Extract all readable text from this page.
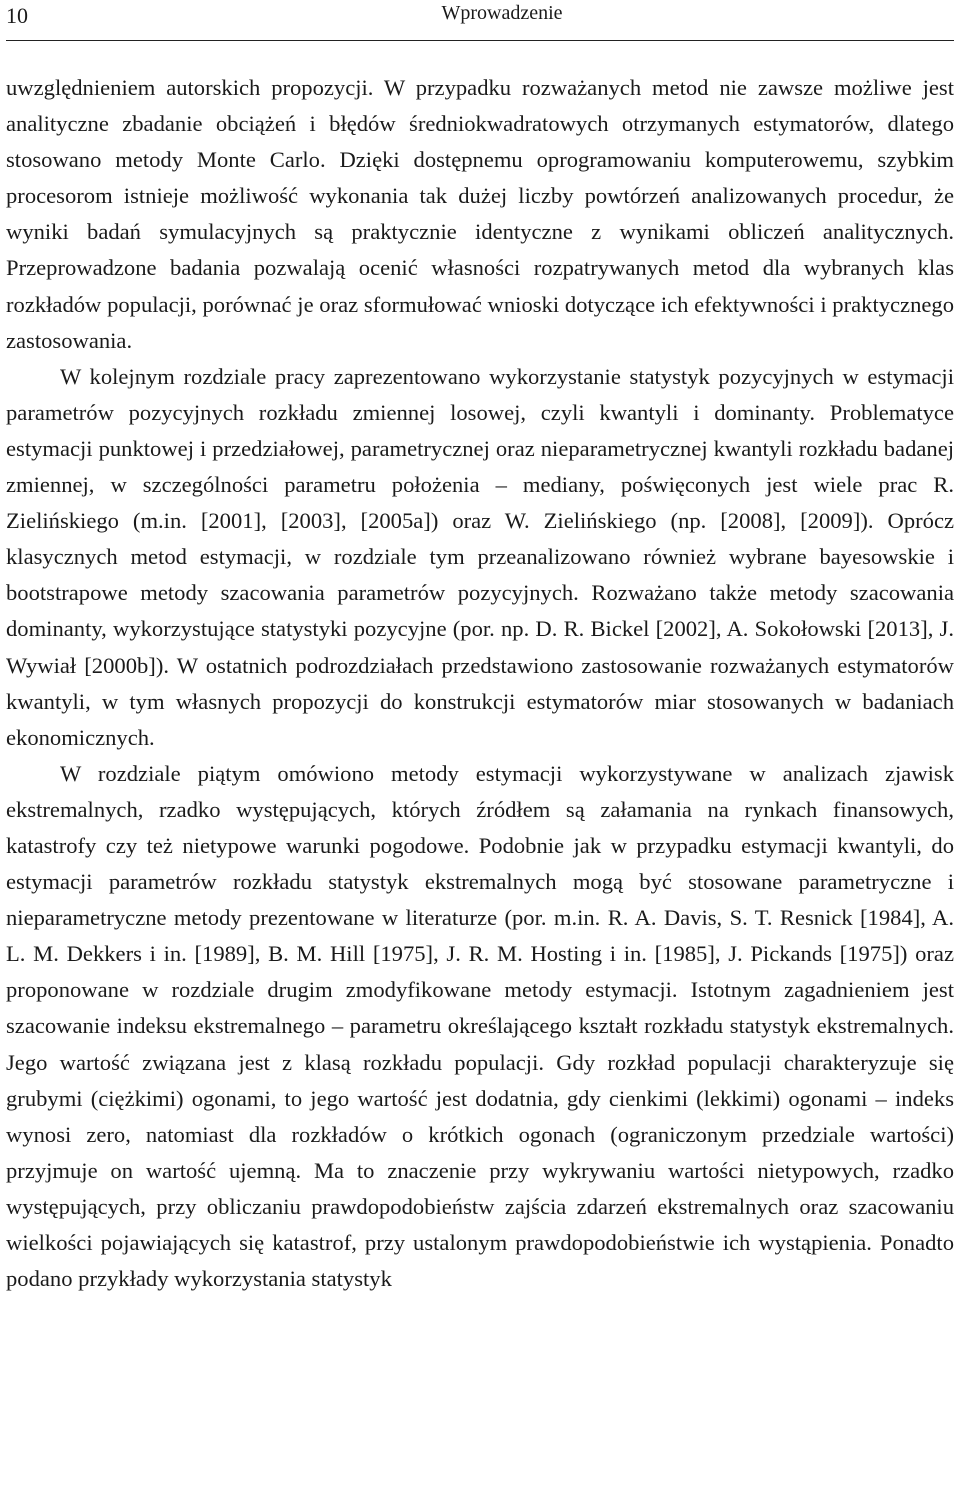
10	Wprowadzenie

uwzględnieniem autorskich propozycji. W przypadku rozważanych metod nie zawsze możliwe jest analityczne zbadanie obciążeń i błędów średniokwadratowych otrzymanych estymatorów, dlatego stosowano metody Monte Carlo. Dzięki dostępnemu oprogramowaniu komputerowemu, szybkim procesorom istnieje możliwość wykonania tak dużej liczby powtórzeń analizowanych procedur, że wyniki badań symulacyjnych są praktycznie identyczne z wynikami obliczeń analitycznych. Przeprowadzone badania pozwalają ocenić własności rozpatrywanych metod dla wybranych klas rozkładów populacji, porównać je oraz sformułować wnioski dotyczące ich efektywności i praktycznego zastosowania.

W kolejnym rozdziale pracy zaprezentowano wykorzystanie statystyk pozycyjnych w estymacji parametrów pozycyjnych rozkładu zmiennej losowej, czyli kwantyli i dominanty. Problematyce estymacji punktowej i przedziałowej, parametrycznej oraz nieparametrycznej kwantyli rozkładu badanej zmiennej, w szczególności parametru położenia – mediany, poświęconych jest wiele prac R. Zielińskiego (m.in. [2001], [2003], [2005a]) oraz W. Zielińskiego (np. [2008], [2009]). Oprócz klasycznych metod estymacji, w rozdziale tym przeanalizowano również wybrane bayesowskie i bootstrapowe metody szacowania parametrów pozycyjnych. Rozważano także metody szacowania dominanty, wykorzystujące statystyki pozycyjne (por. np. D. R. Bickel [2002], A. Sokołowski [2013], J. Wywiał [2000b]). W ostatnich podrozdziałach przedstawiono zastosowanie rozważanych estymatorów kwantyli, w tym własnych propozycji do konstrukcji estymatorów miar stosowanych w badaniach ekonomicznych.

W rozdziale piątym omówiono metody estymacji wykorzystywane w analizach zjawisk ekstremalnych, rzadko występujących, których źródłem są załamania na rynkach finansowych, katastrofy czy też nietypowe warunki pogodowe. Podobnie jak w przypadku estymacji kwantyli, do estymacji parametrów rozkładu statystyk ekstremalnych mogą być stosowane parametryczne i nieparametryczne metody prezentowane w literaturze (por. m.in. R. A. Davis, S. T. Resnick [1984], A. L. M. Dekkers i in. [1989], B. M. Hill [1975], J. R. M. Hosting i in. [1985], J. Pickands [1975]) oraz proponowane w rozdziale drugim zmodyfikowane metody estymacji. Istotnym zagadnieniem jest szacowanie indeksu ekstremalnego – parametru określającego kształt rozkładu statystyk ekstremalnych. Jego wartość związana jest z klasą rozkładu populacji. Gdy rozkład populacji charakteryzuje się grubymi (ciężkimi) ogonami, to jego wartość jest dodatnia, gdy cienkimi (lekkimi) ogonami – indeks wynosi zero, natomiast dla rozkładów o krótkich ogonach (ograniczonym przedziale wartości) przyjmuje on wartość ujemną. Ma to znaczenie przy wykrywaniu wartości nietypowych, rzadko występujących, przy obliczaniu prawdopodobieństw zajścia zdarzeń ekstremalnych oraz szacowaniu wielkości pojawiających się katastrof, przy ustalonym prawdopodobieństwie ich wystąpienia. Ponadto podano przykłady wykorzystania statystyk
